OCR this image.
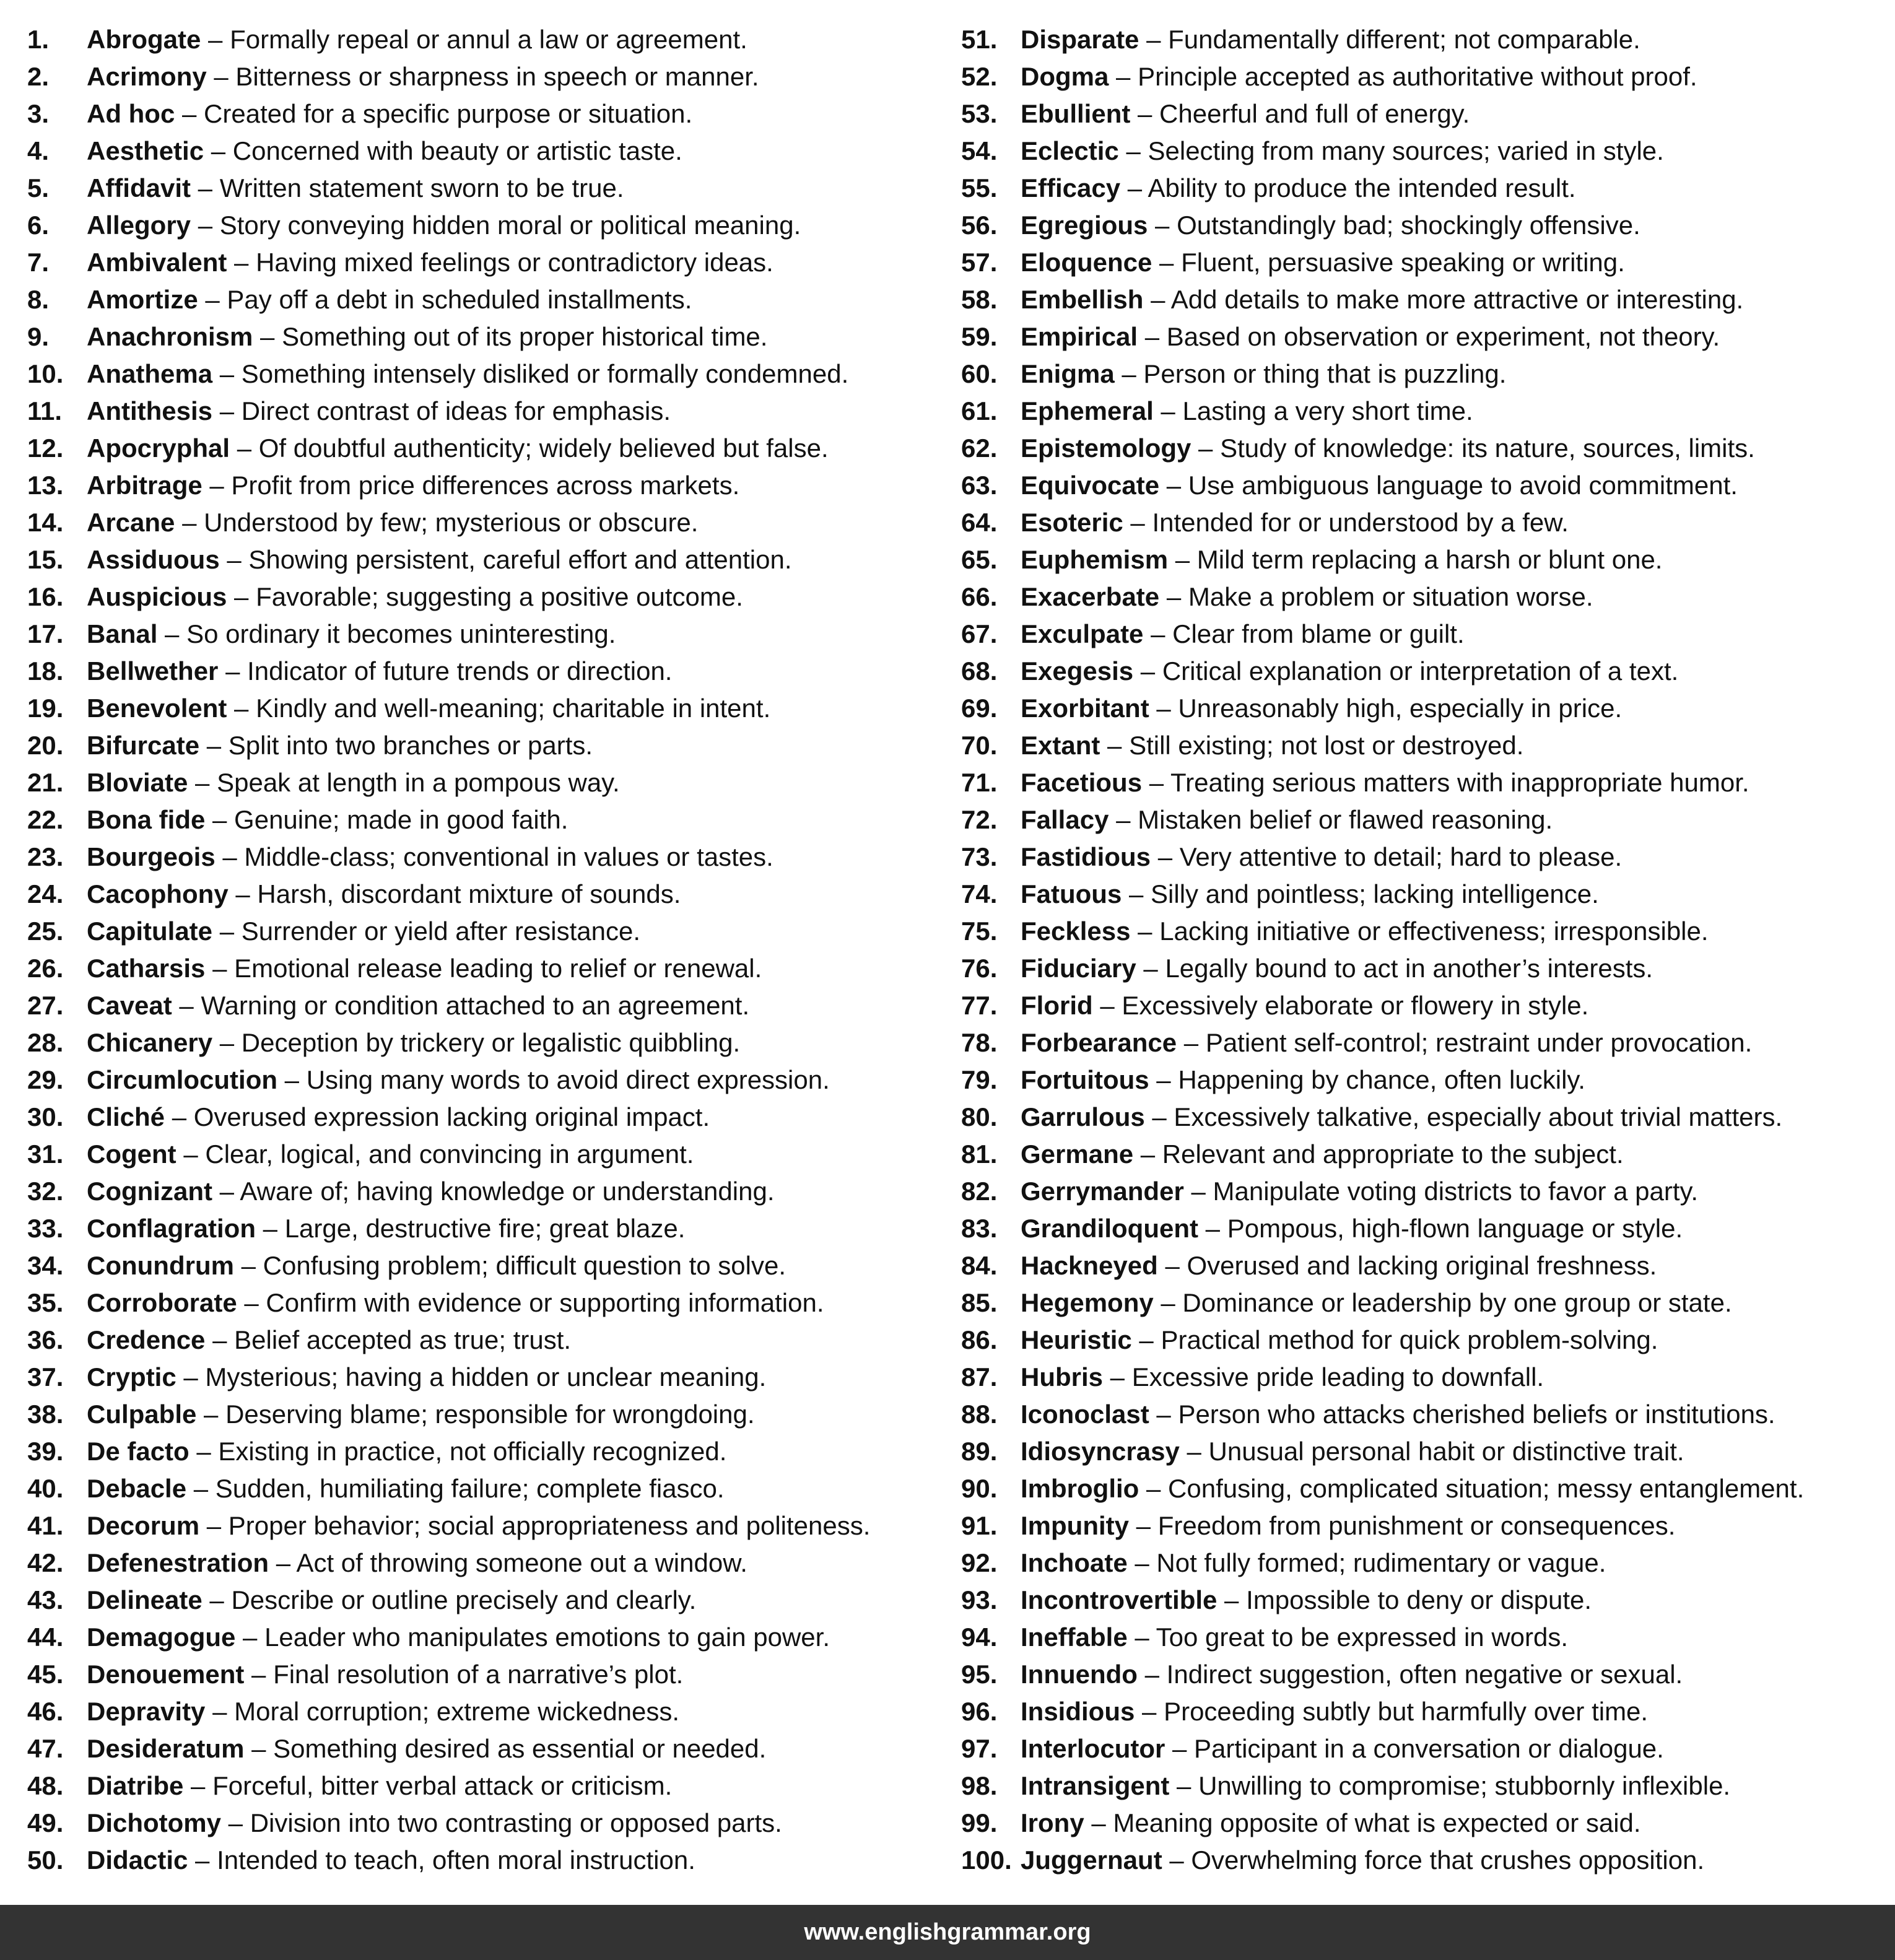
1. Abrogate – Formally repeal or annul a law or agreement.
2. Acrimony – Bitterness or sharpness in speech or manner.
3. Ad hoc – Created for a specific purpose or situation.
4. Aesthetic – Concerned with beauty or artistic taste.
5. Affidavit – Written statement sworn to be true.
6. Allegory – Story conveying hidden moral or political meaning.
7. Ambivalent – Having mixed feelings or contradictory ideas.
8. Amortize – Pay off a debt in scheduled installments.
9. Anachronism – Something out of its proper historical time.
10. Anathema – Something intensely disliked or formally condemned.
11. Antithesis – Direct contrast of ideas for emphasis.
12. Apocryphal – Of doubtful authenticity; widely believed but false.
13. Arbitrage – Profit from price differences across markets.
14. Arcane – Understood by few; mysterious or obscure.
15. Assiduous – Showing persistent, careful effort and attention.
16. Auspicious – Favorable; suggesting a positive outcome.
17. Banal – So ordinary it becomes uninteresting.
18. Bellwether – Indicator of future trends or direction.
19. Benevolent – Kindly and well-meaning; charitable in intent.
20. Bifurcate – Split into two branches or parts.
21. Bloviate – Speak at length in a pompous way.
22. Bona fide – Genuine; made in good faith.
23. Bourgeois – Middle-class; conventional in values or tastes.
24. Cacophony – Harsh, discordant mixture of sounds.
25. Capitulate – Surrender or yield after resistance.
26. Catharsis – Emotional release leading to relief or renewal.
27. Caveat – Warning or condition attached to an agreement.
28. Chicanery – Deception by trickery or legalistic quibbling.
29. Circumlocution – Using many words to avoid direct expression.
30. Cliché – Overused expression lacking original impact.
31. Cogent – Clear, logical, and convincing in argument.
32. Cognizant – Aware of; having knowledge or understanding.
33. Conflagration – Large, destructive fire; great blaze.
34. Conundrum – Confusing problem; difficult question to solve.
35. Corroborate – Confirm with evidence or supporting information.
36. Credence – Belief accepted as true; trust.
37. Cryptic – Mysterious; having a hidden or unclear meaning.
38. Culpable – Deserving blame; responsible for wrongdoing.
39. De facto – Existing in practice, not officially recognized.
40. Debacle – Sudden, humiliating failure; complete fiasco.
41. Decorum – Proper behavior; social appropriateness and politeness.
42. Defenestration – Act of throwing someone out a window.
43. Delineate – Describe or outline precisely and clearly.
44. Demagogue – Leader who manipulates emotions to gain power.
45. Denouement – Final resolution of a narrative’s plot.
46. Depravity – Moral corruption; extreme wickedness.
47. Desideratum – Something desired as essential or needed.
48. Diatribe – Forceful, bitter verbal attack or criticism.
49. Dichotomy – Division into two contrasting or opposed parts.
50. Didactic – Intended to teach, often moral instruction.
51. Disparate – Fundamentally different; not comparable.
52. Dogma – Principle accepted as authoritative without proof.
53. Ebullient – Cheerful and full of energy.
54. Eclectic – Selecting from many sources; varied in style.
55. Efficacy – Ability to produce the intended result.
56. Egregious – Outstandingly bad; shockingly offensive.
57. Eloquence – Fluent, persuasive speaking or writing.
58. Embellish – Add details to make more attractive or interesting.
59. Empirical – Based on observation or experiment, not theory.
60. Enigma – Person or thing that is puzzling.
61. Ephemeral – Lasting a very short time.
62. Epistemology – Study of knowledge: its nature, sources, limits.
63. Equivocate – Use ambiguous language to avoid commitment.
64. Esoteric – Intended for or understood by a few.
65. Euphemism – Mild term replacing a harsh or blunt one.
66. Exacerbate – Make a problem or situation worse.
67. Exculpate – Clear from blame or guilt.
68. Exegesis – Critical explanation or interpretation of a text.
69. Exorbitant – Unreasonably high, especially in price.
70. Extant – Still existing; not lost or destroyed.
71. Facetious – Treating serious matters with inappropriate humor.
72. Fallacy – Mistaken belief or flawed reasoning.
73. Fastidious – Very attentive to detail; hard to please.
74. Fatuous – Silly and pointless; lacking intelligence.
75. Feckless – Lacking initiative or effectiveness; irresponsible.
76. Fiduciary – Legally bound to act in another’s interests.
77. Florid – Excessively elaborate or flowery in style.
78. Forbearance – Patient self-control; restraint under provocation.
79. Fortuitous – Happening by chance, often luckily.
80. Garrulous – Excessively talkative, especially about trivial matters.
81. Germane – Relevant and appropriate to the subject.
82. Gerrymander – Manipulate voting districts to favor a party.
83. Grandiloquent – Pompous, high-flown language or style.
84. Hackneyed – Overused and lacking original freshness.
85. Hegemony – Dominance or leadership by one group or state.
86. Heuristic – Practical method for quick problem-solving.
87. Hubris – Excessive pride leading to downfall.
88. Iconoclast – Person who attacks cherished beliefs or institutions.
89. Idiosyncrasy – Unusual personal habit or distinctive trait.
90. Imbroglio – Confusing, complicated situation; messy entanglement.
91. Impunity – Freedom from punishment or consequences.
92. Inchoate – Not fully formed; rudimentary or vague.
93. Incontrovertible – Impossible to deny or dispute.
94. Ineffable – Too great to be expressed in words.
95. Innuendo – Indirect suggestion, often negative or sexual.
96. Insidious – Proceeding subtly but harmfully over time.
97. Interlocutor – Participant in a conversation or dialogue.
98. Intransigent – Unwilling to compromise; stubbornly inflexible.
99. Irony – Meaning opposite of what is expected or said.
100. Juggernaut – Overwhelming force that crushes opposition.
www.englishgrammar.org
